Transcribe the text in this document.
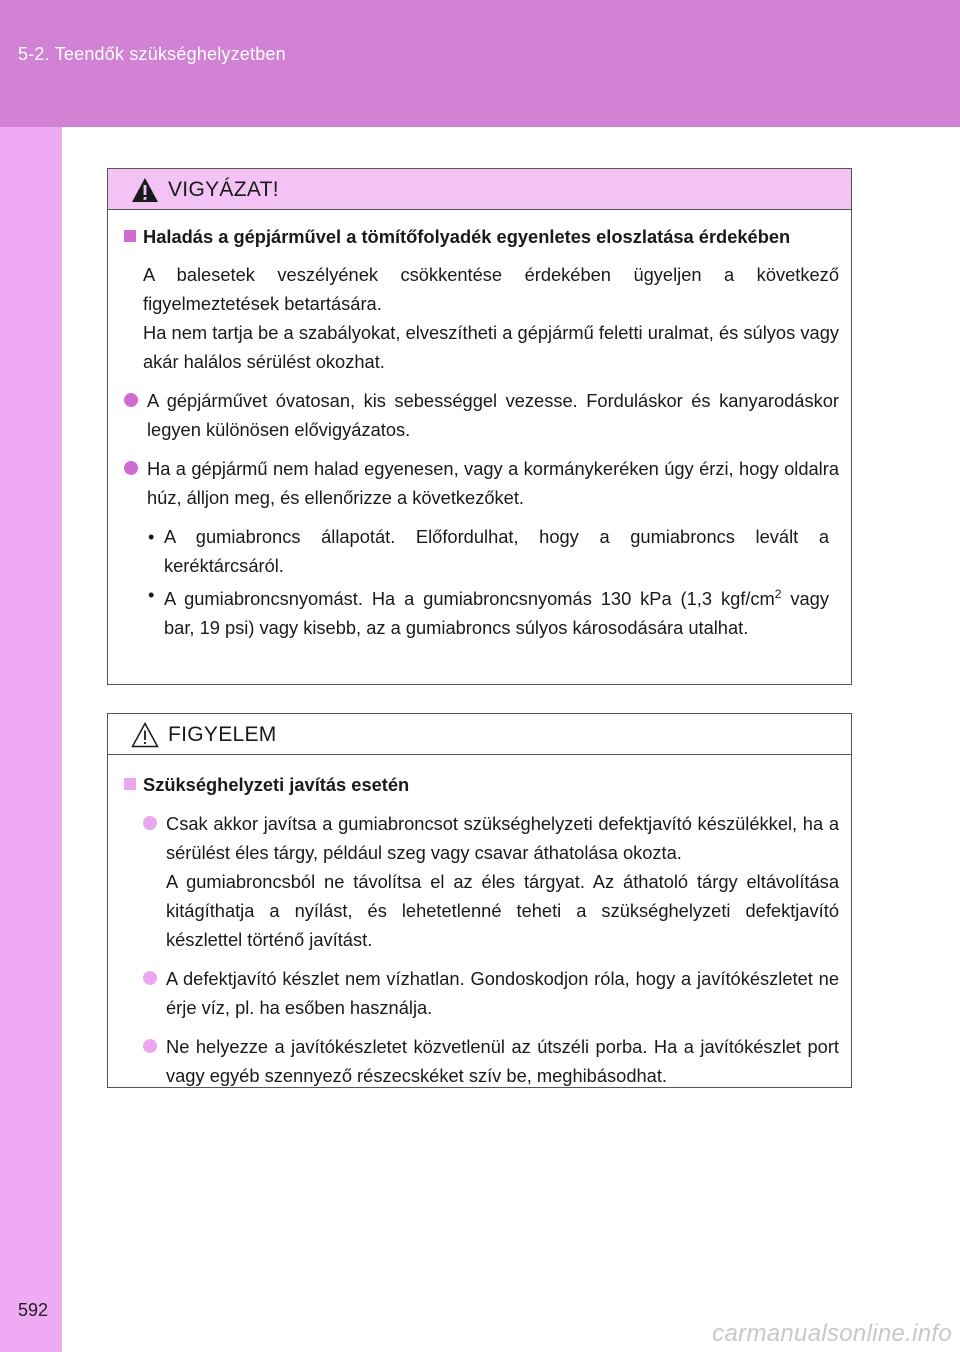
5-2. Teendők szükséghelyzetben
VIGYÁZAT!

Haladás a gépjárművel a tömítőfolyadék egyenletes eloszlatása érdekében

A balesetek veszélyének csökkentése érdekében ügyeljen a következő figyelmeztetések betartására.

Ha nem tartja be a szabályokat, elveszítheti a gépjármű feletti uralmat, és súlyos vagy akár halálos sérülést okozhat.

A gépjárművet óvatosan, kis sebességgel vezesse. Forduláskor és kanyarodáskor legyen különösen elővigyázatos.

Ha a gépjármű nem halad egyenesen, vagy a kormánykeréken úgy érzi, hogy oldalra húz, álljon meg, és ellenőrizze a következőket.

• A gumiabroncs állapotát. Előfordulhat, hogy a gumiabroncs levált a keréktárcsáról.

• A gumiabroncsnyomást. Ha a gumiabroncsnyomás 130 kPa (1,3 kgf/$cm^2$ vagy bar, 19 psi) vagy kisebb, az a gumiabroncs súlyos károsodására utalhat.

FIGYELEM

Szükséghelyzeti javítás esetén

Csak akkor javítsa a gumiabroncsot szükséghelyzeti defektjavító készülékkel, ha a sérülést éles tárgy, például szeg vagy csavar áthatolása okozta.
A gumiabroncsból ne távolítsa el az éles tárgyat. Az áthatoló tárgy eltávolítása kitágíthatja a nyílást, és lehetetlenné teheti a szükséghelyzeti defektjavító készlettel történő javítást.

A defektjavító készlet nem vízhatlan. Gondoskodjon róla, hogy a javítókészletet ne érje víz, pl. ha esőben használja.

Ne helyezze a javítókészletet közvetlenül az útszéli porba. Ha a javítókészlet port vagy egyéb szennyező részecskéket szív be, meghibásodhat.

592
carmanualsonline.info
